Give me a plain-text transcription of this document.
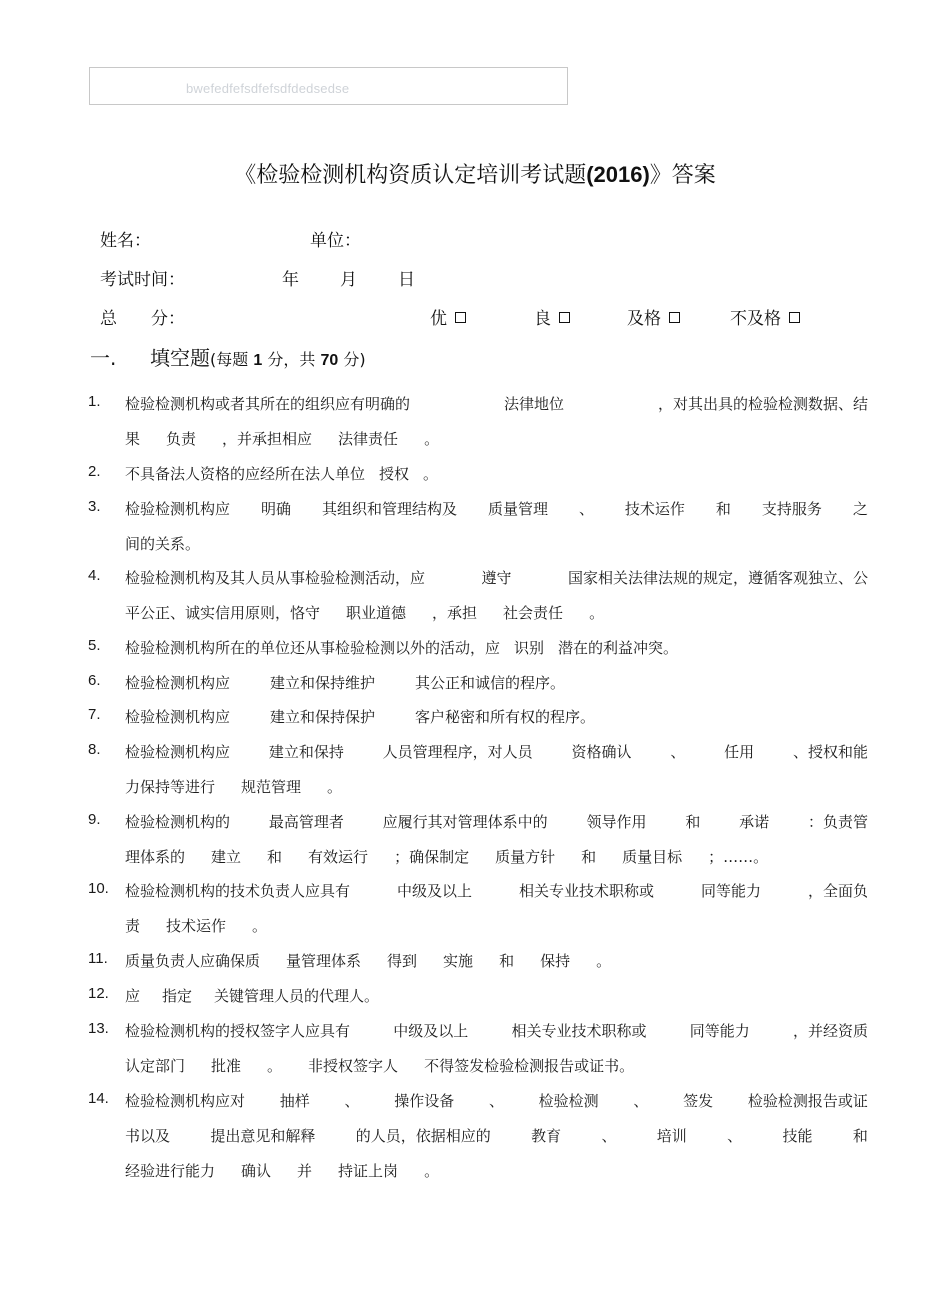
bwefedfefsdfefsdfdedsedse
《检验检测机构资质认定培训考试题(2016)》答案
姓名：	单位：
考试时间：	年 月 日
总　　分：	优	良	及格	不及格
一. 填空题(每题 1 分，共 70 分)
1. 检验检测机构或者其所在的组织应有明确的	法律地位	，对其出具的检验检测数据、结
果 负责 ，并承担相应 法律责任 。
2. 不具备法人资格的应经所在法人单位 授权 。
3. 检验检测机构应 明确 其组织和管理结构及 质量管理 、 技术运作 和 支持服务 之
间的关系。
4. 检验检测机构及其人员从事检验检测活动，应	遵守	国家相关法律法规的规定，遵循客观独立、公
平公正、诚实信用原则，恪守 职业道德 ，承担 社会责任 。
5. 检验检测机构所在的单位还从事检验检测以外的活动，应 识别 潜在的利益冲突。
6. 检验检测机构应	建立和保持维护	其公正和诚信的程序。
7. 检验检测机构应	建立和保持保护	客户秘密和所有权的程序。
8. 检验检测机构应	建立和保持	人员管理程序，对人员	资格确认	、	任用	、授权和能
力保持等进行 规范管理 。
9. 检验检测机构的	最高管理者	应履行其对管理体系中的	领导作用	和	承诺	：负责管
理体系的 建立 和 有效运行 ；确保制定 质量方针 和 质量目标 ；……。
10. 检验检测机构的技术负责人应具有	中级及以上	相关专业技术职称或	同等能力	，全面负
责 技术运作 。
11. 质量负责人应确保质 量管理体系 得到 实施 和 保持 。
12. 应 指定 关键管理人员的代理人。
13. 检验检测机构的授权签字人应具有	中级及以上	相关专业技术职称或	同等能力	，并经资质
认定部门 批准 。 非授权签字人 不得签发检验检测报告或证书。
14. 检验检测机构应对 抽样 、 操作设备 、 检验检测 、 签发 检验检测报告或证
书以及	提出意见和解释	的人员，依据相应的	教育	、	培训	、	技能	和
经验进行能力 确认 并 持证上岗 。
